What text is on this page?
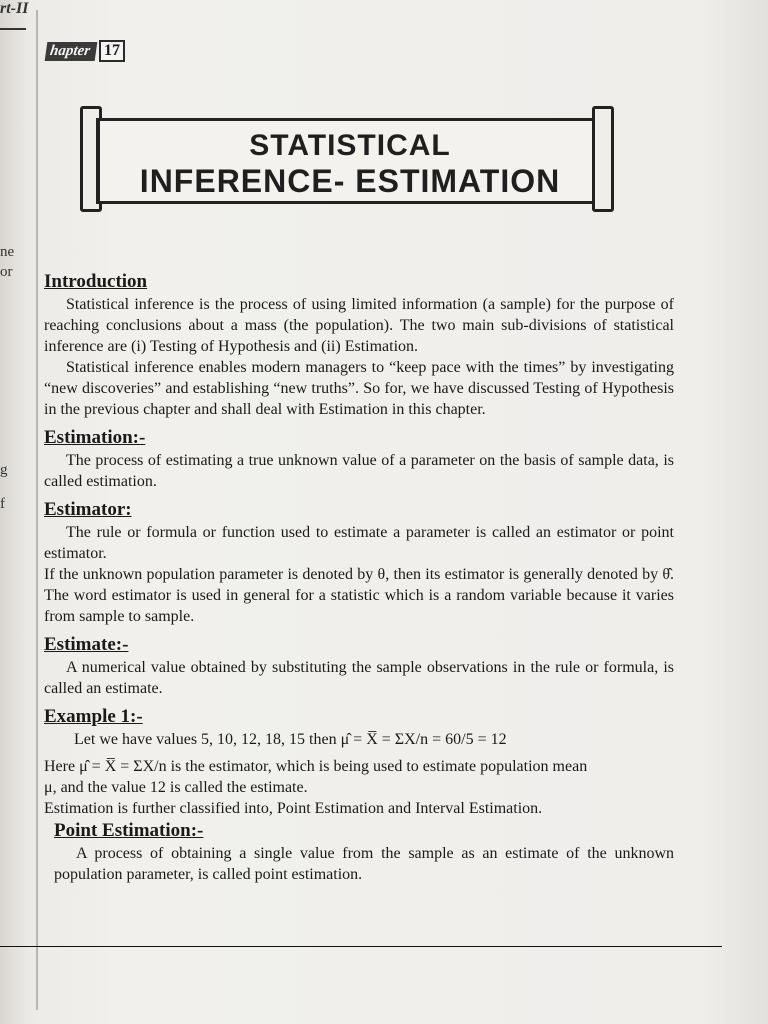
rt-II
ne
or
g
f
hapter 17
STATISTICAL
INFERENCE- ESTIMATION
Introduction

Statistical inference is the process of using limited information (a sample) for the purpose of reaching conclusions about a mass (the population). The two main sub-divisions of statistical inference are (i) Testing of Hypothesis and (ii) Estimation.

Statistical inference enables modern managers to “keep pace with the times” by investigating “new discoveries” and establishing “new truths”. So for, we have discussed Testing of Hypothesis in the previous chapter and shall deal with Estimation in this chapter.

Estimation:-

The process of estimating a true unknown value of a parameter on the basis of sample data, is called estimation.

Estimator:

The rule or formula or function used to estimate a parameter is called an estimator or point estimator.

If the unknown population parameter is denoted by θ, then its estimator is generally denoted by θ̂. The word estimator is used in general for a statistic which is a random variable because it varies from sample to sample.

Estimate:-

A numerical value obtained by substituting the sample observations in the rule or formula, is called an estimate.

Example 1:-

Let we have values 5, 10, 12, 18, 15 then μ̂ = X̅ = ΣX/n = 60/5 = 12

Here μ̂ = X̅ = ΣX/n is the estimator, which is being used to estimate population mean

μ, and the value 12 is called the estimate.

Estimation is further classified into, Point Estimation and Interval Estimation.

Point Estimation:-

A process of obtaining a single value from the sample as an estimate of the unknown population parameter, is called point estimation.
